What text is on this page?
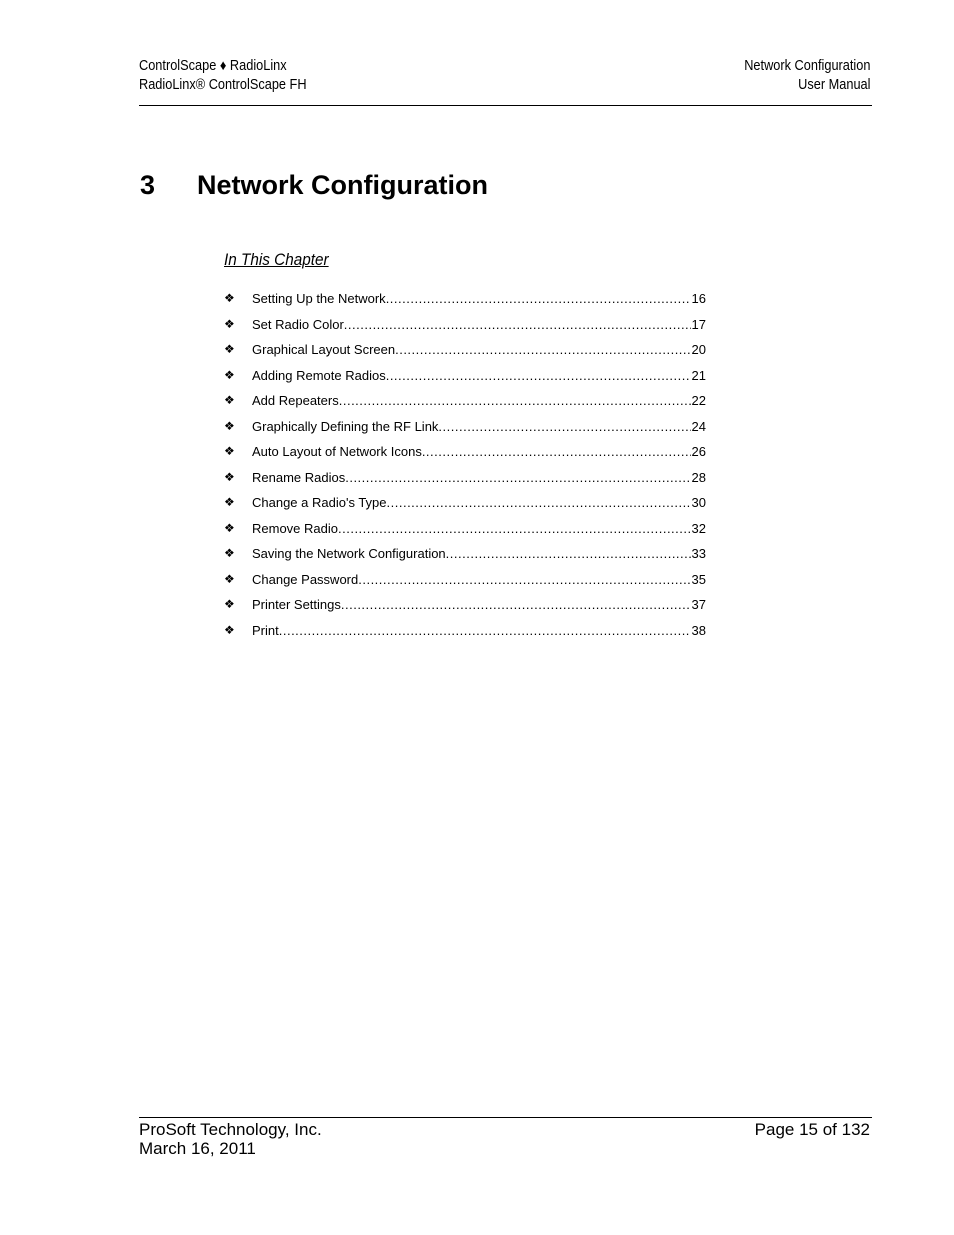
ControlScape ♦ RadioLinx
RadioLinx® ControlScape FH
Network Configuration
User Manual
3 Network Configuration
In This Chapter
❖	Setting Up the Network .....	16
❖	Set Radio Color .....	17
❖	Graphical Layout Screen .....	20
❖	Adding Remote Radios .....	21
❖	Add Repeaters .....	22
❖	Graphically Defining the RF Link .....	24
❖	Auto Layout of Network Icons .....	26
❖	Rename Radios .....	28
❖	Change a Radio's Type .....	30
❖	Remove Radio .....	32
❖	Saving the Network Configuration .....	33
❖	Change Password .....	35
❖	Printer Settings .....	37
❖	Print .....	38
ProSoft Technology, Inc.
March 16, 2011
Page 15 of 132
